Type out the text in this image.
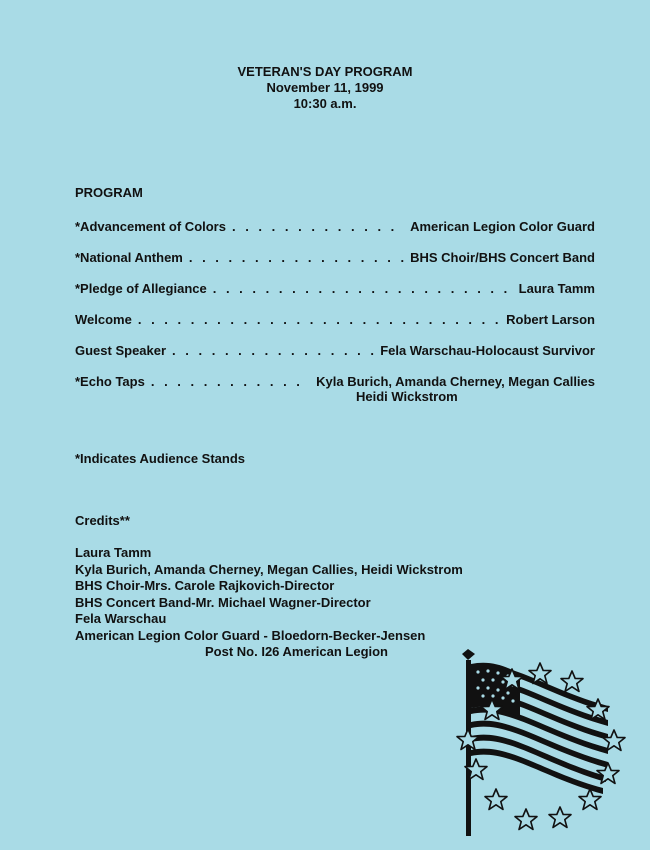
VETERAN'S DAY PROGRAM
November 11, 1999
10:30 a.m.
PROGRAM
*Advancement of Colors . . .	American Legion Color Guard
*National Anthem . . .	BHS Choir/BHS Concert Band
*Pledge of Allegiance . . .	Laura Tamm
Welcome . . .	Robert Larson
Guest Speaker . . .	Fela Warschau-Holocaust Survivor
*Echo Taps . . .	Kyla Burich, Amanda Cherney, Megan Callies
Heidi Wickstrom
*Indicates Audience Stands
Credits**
Laura Tamm
Kyla Burich, Amanda Cherney, Megan Callies, Heidi Wickstrom
BHS Choir-Mrs. Carole Rajkovich-Director
BHS Concert Band-Mr. Michael Wagner-Director
Fela Warschau
American Legion Color Guard - Bloedorn-Becker-Jensen
Post No. I26 American Legion
